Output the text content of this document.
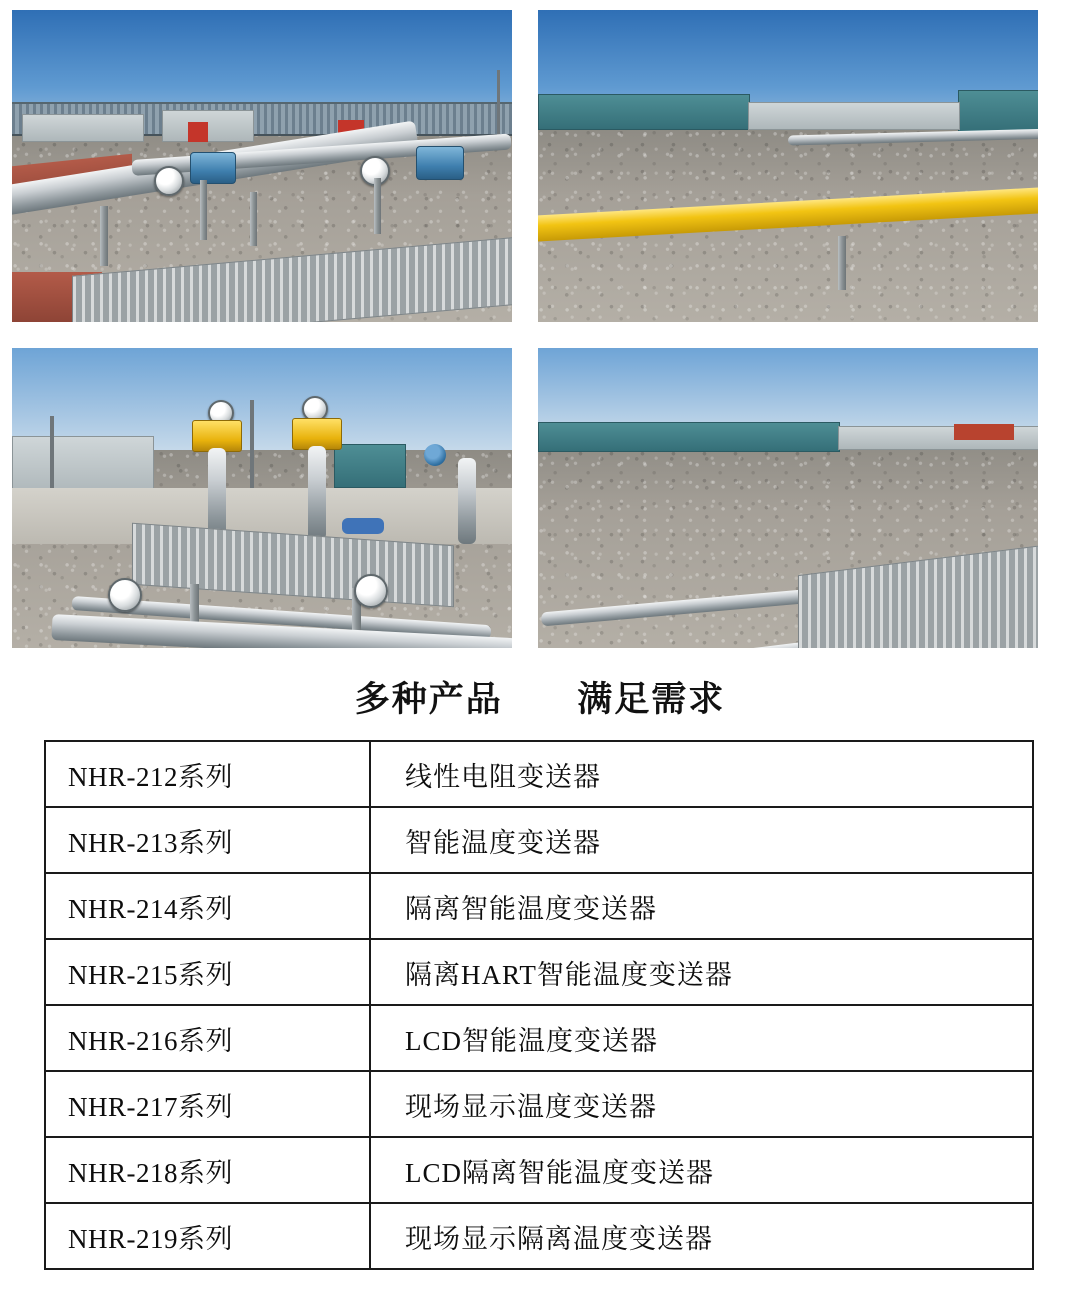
多种产品 满足需求
NHR-212系列	线性电阻变送器
NHR-213系列	智能温度变送器
NHR-214系列	隔离智能温度变送器
NHR-215系列	隔离HART智能温度变送器
NHR-216系列	LCD智能温度变送器
NHR-217系列	现场显示温度变送器
NHR-218系列	LCD隔离智能温度变送器
NHR-219系列	现场显示隔离温度变送器
